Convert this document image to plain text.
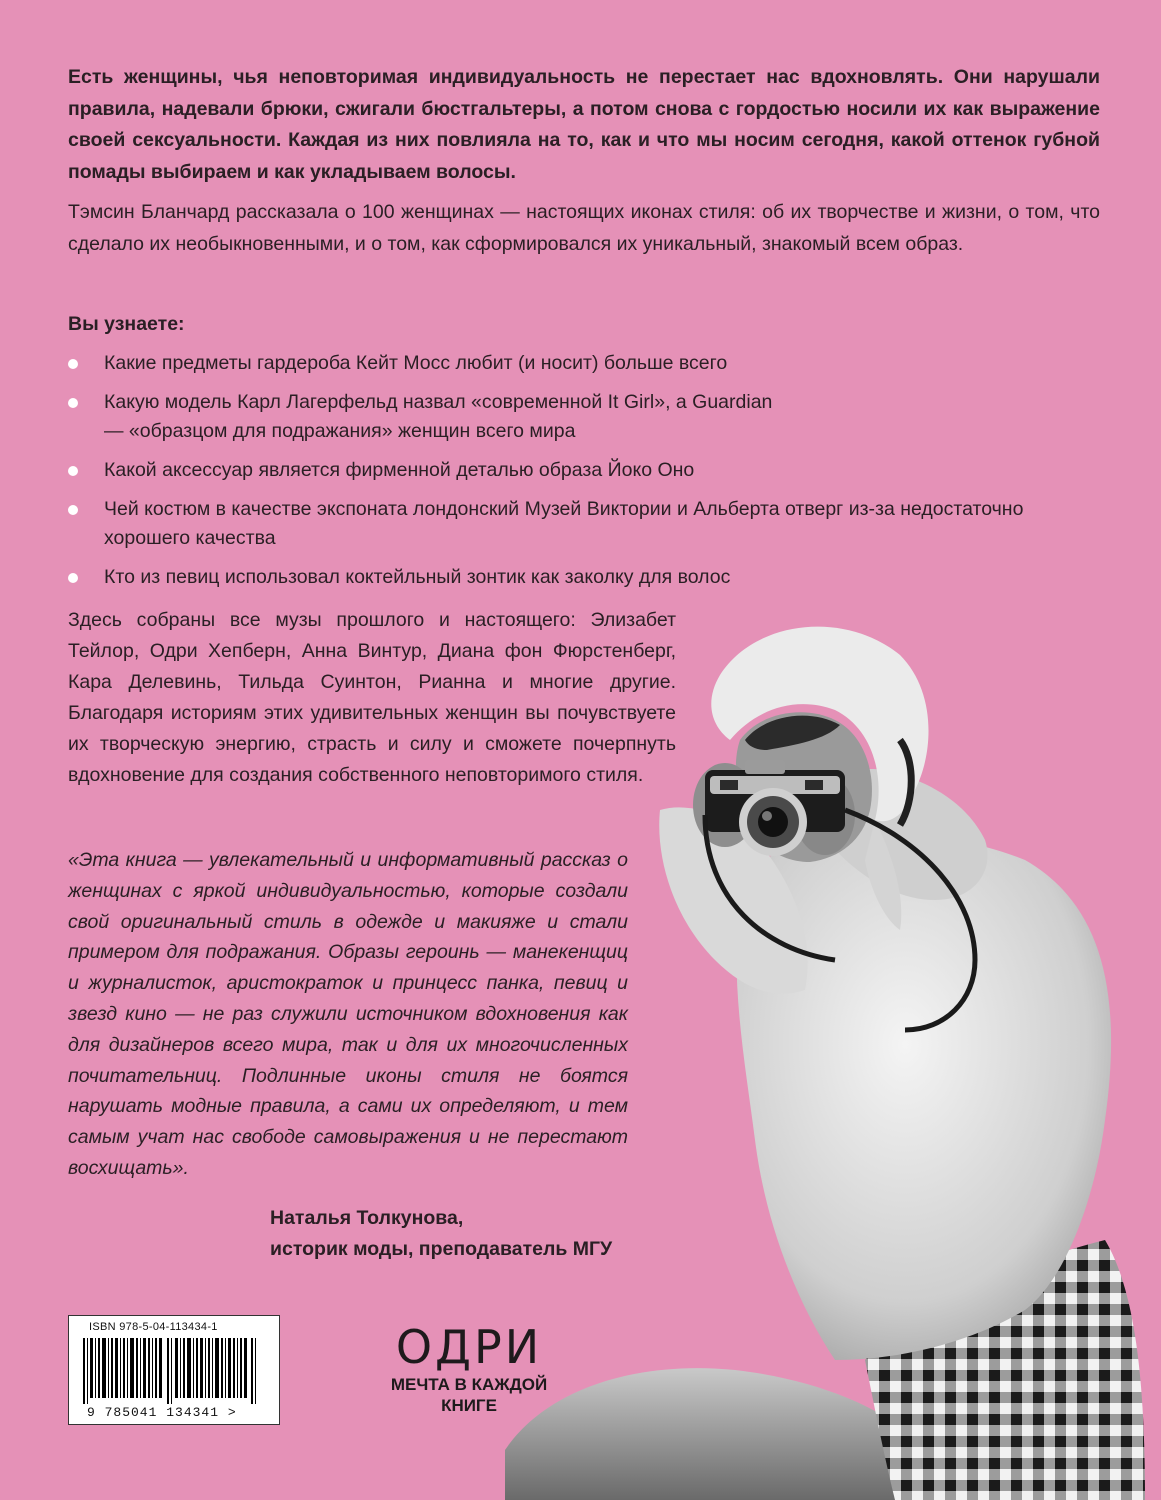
Есть женщины, чья неповторимая индивидуальность не перестает нас вдохновлять. Они нарушали правила, надевали брюки, сжигали бюстгальтеры, а потом снова с гордостью носили их как выражение своей сексуальности. Каждая из них повлияла на то, как и что мы носим сегодня, какой оттенок губной помады выбираем и как укладываем волосы.

Тэмсин Бланчард рассказала о 100 женщинах — настоящих иконах стиля: об их творчестве и жизни, о том, что сделало их необыкновенными, и о том, как сформировался их уникальный, знакомый всем образ.

Вы узнаете:

Какие предметы гардероба Кейт Мосс любит (и носит) больше всего
Какую модель Карл Лагерфельд назвал «современной It Girl», а Guardian — «образцом для подражания» женщин всего мира
Какой аксессуар является фирменной деталью образа Йоко Оно
Чей костюм в качестве экспоната лондонский Музей Виктории и Альберта отверг из-за недостаточно хорошего качества
Кто из певиц использовал коктейльный зонтик как заколку для волос

Здесь собраны все музы прошлого и настоящего: Элизабет Тейлор, Одри Хепберн, Анна Винтур, Диана фон Фюрстенберг, Кара Делевинь, Тильда Суинтон, Рианна и многие другие. Благодаря историям этих удивительных женщин вы почувствуете их творческую энергию, страсть и силу и сможете почерпнуть вдохновение для создания собственного неповторимого стиля.

«Эта книга — увлекательный и информативный рассказ о женщинах с яркой индивидуальностью, которые создали свой оригинальный стиль в одежде и макияже и стали примером для подражания. Образы героинь — манекенщиц и журналисток, аристократок и принцесс панка, певиц и звезд кино — не раз служили источником вдохновения как для дизайнеров всего мира, так и для их многочисленных почитательниц. Подлинные иконы стиля не боятся нарушать модные правила, а сами их определяют, и тем самым учат нас свободе самовыражения и не перестают восхищать».

Наталья Толкунова,
историк моды, преподаватель МГУ
ISBN 978-5-04-113434-1
9 785041 134341 >
ОДРИ
МЕЧТА В КАЖДОЙ
КНИГЕ
